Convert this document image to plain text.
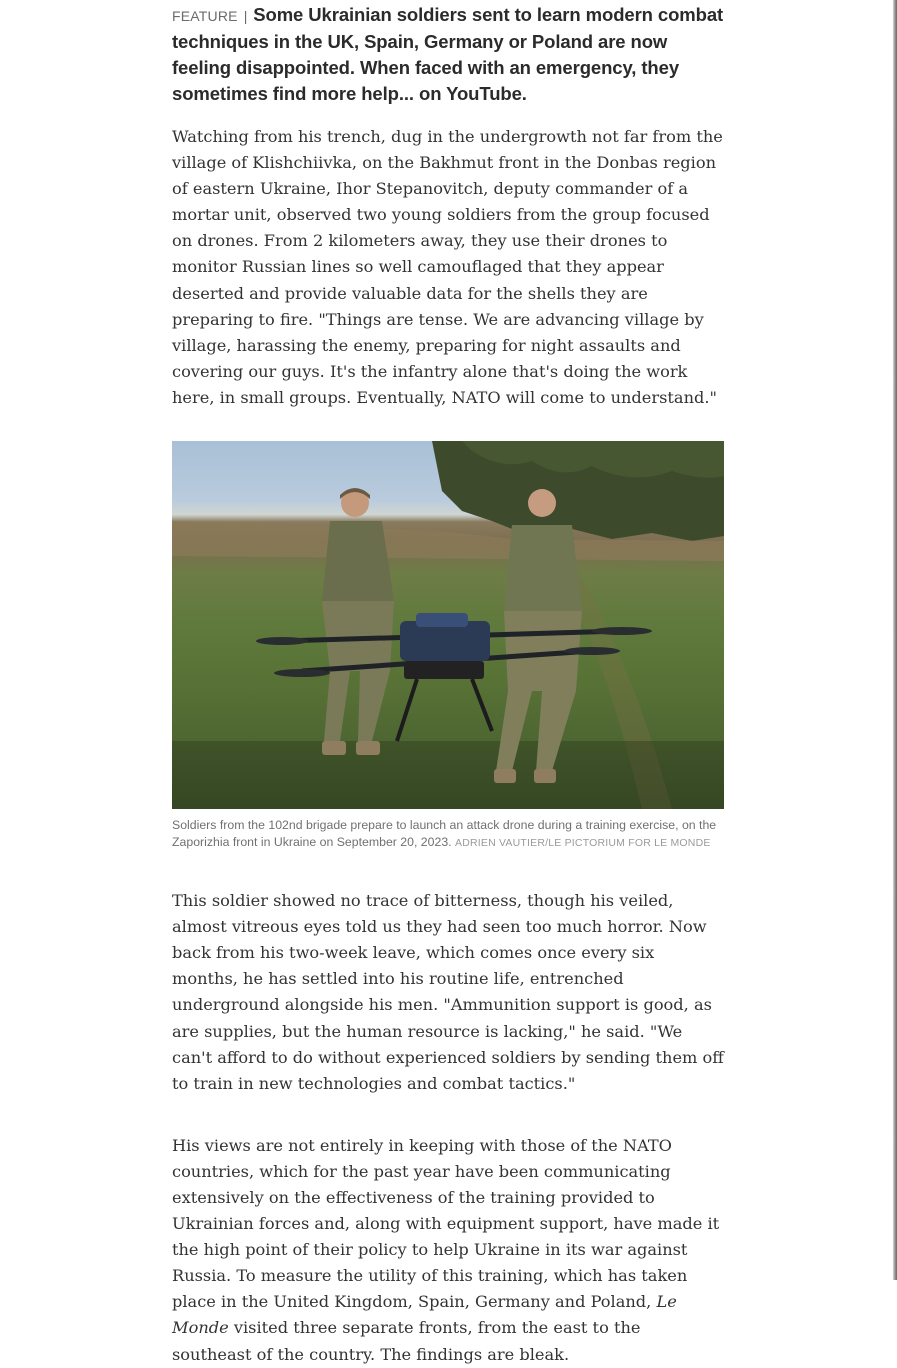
FEATURE | Some Ukrainian soldiers sent to learn modern combat techniques in the UK, Spain, Germany or Poland are now feeling disappointed. When faced with an emergency, they sometimes find more help... on YouTube.

Watching from his trench, dug in the undergrowth not far from the village of Klishchiivka, on the Bakhmut front in the Donbas region of eastern Ukraine, Ihor Stepanovitch, deputy commander of a mortar unit, observed two young soldiers from the group focused on drones. From 2 kilometers away, they use their drones to monitor Russian lines so well camouflaged that they appear deserted and provide valuable data for the shells they are preparing to fire. "Things are tense. We are advancing village by village, harassing the enemy, preparing for night assaults and covering our guys. It's the infantry alone that's doing the work here, in small groups. Eventually, NATO will come to understand."

Soldiers from the 102nd brigade prepare to launch an attack drone during a training exercise, on the Zaporizhia front in Ukraine on September 20, 2023. ADRIEN VAUTIER/LE PICTORIUM FOR LE MONDE

This soldier showed no trace of bitterness, though his veiled, almost vitreous eyes told us they had seen too much horror. Now back from his two-week leave, which comes once every six months, he has settled into his routine life, entrenched underground alongside his men. "Ammunition support is good, as are supplies, but the human resource is lacking," he said. "We can't afford to do without experienced soldiers by sending them off to train in new technologies and combat tactics."

His views are not entirely in keeping with those of the NATO countries, which for the past year have been communicating extensively on the effectiveness of the training provided to Ukrainian forces and, along with equipment support, have made it the high point of their policy to help Ukraine in its war against Russia. To measure the utility of this training, which has taken place in the United Kingdom, Spain, Germany and Poland, Le Monde visited three separate fronts, from the east to the southeast of the country. The findings are bleak.
